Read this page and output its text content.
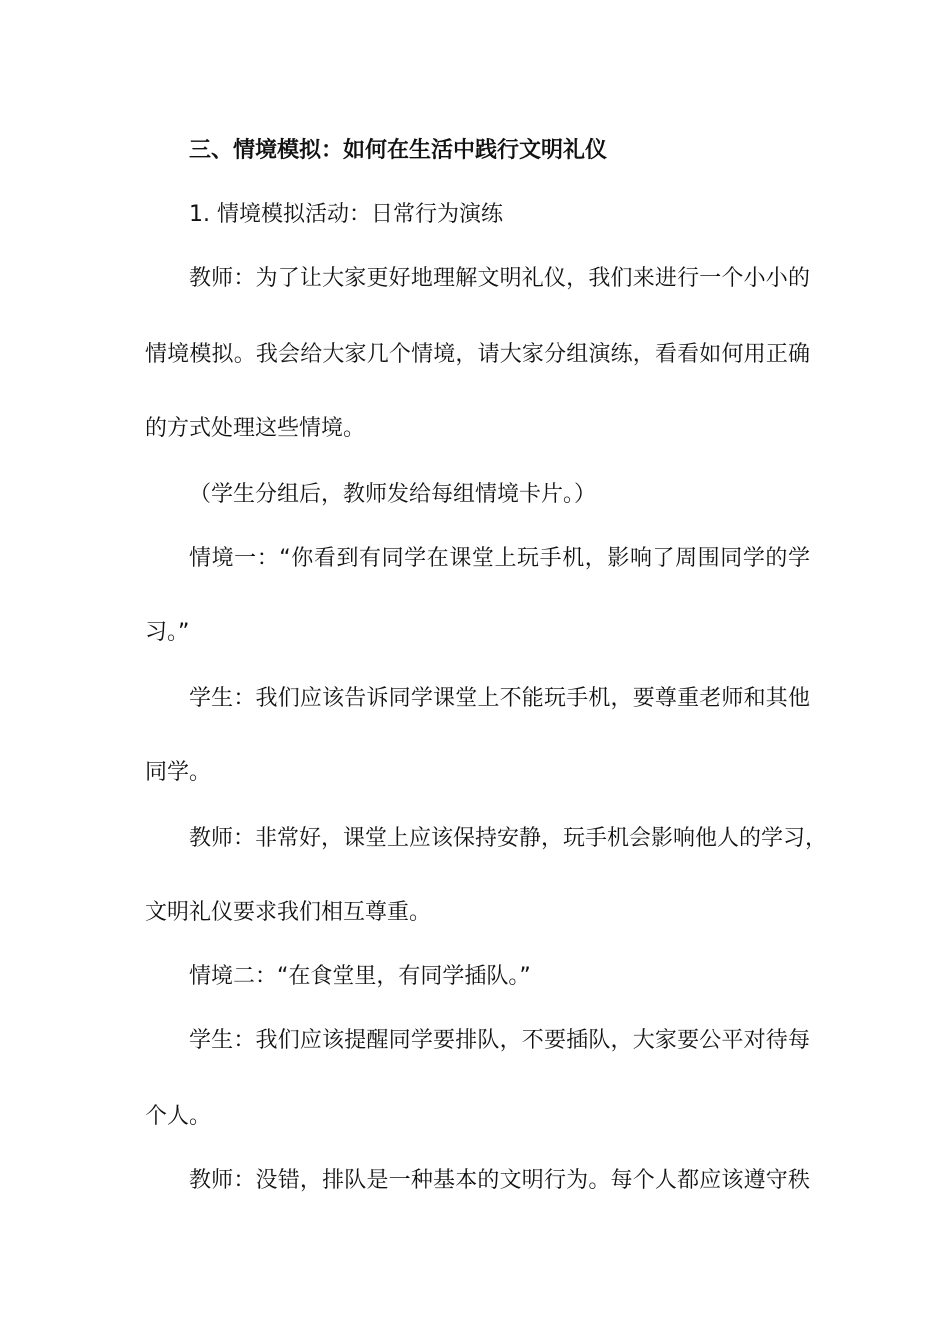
三、情境模拟：如何在生活中践行文明礼仪
1. 情境模拟活动：日常行为演练
教师：为了让大家更好地理解文明礼仪，我们来进行一个小小的
情境模拟。我会给大家几个情境，请大家分组演练，看看如何用正确
的方式处理这些情境。
（学生分组后，教师发给每组情境卡片。）
情境一：“你看到有同学在课堂上玩手机，影响了周围同学的学
习。”
学生：我们应该告诉同学课堂上不能玩手机，要尊重老师和其他
同学。
教师：非常好，课堂上应该保持安静，玩手机会影响他人的学习，
文明礼仪要求我们相互尊重。
情境二：“在食堂里，有同学插队。”
学生：我们应该提醒同学要排队，不要插队，大家要公平对待每
个人。
教师：没错，排队是一种基本的文明行为。每个人都应该遵守秩
